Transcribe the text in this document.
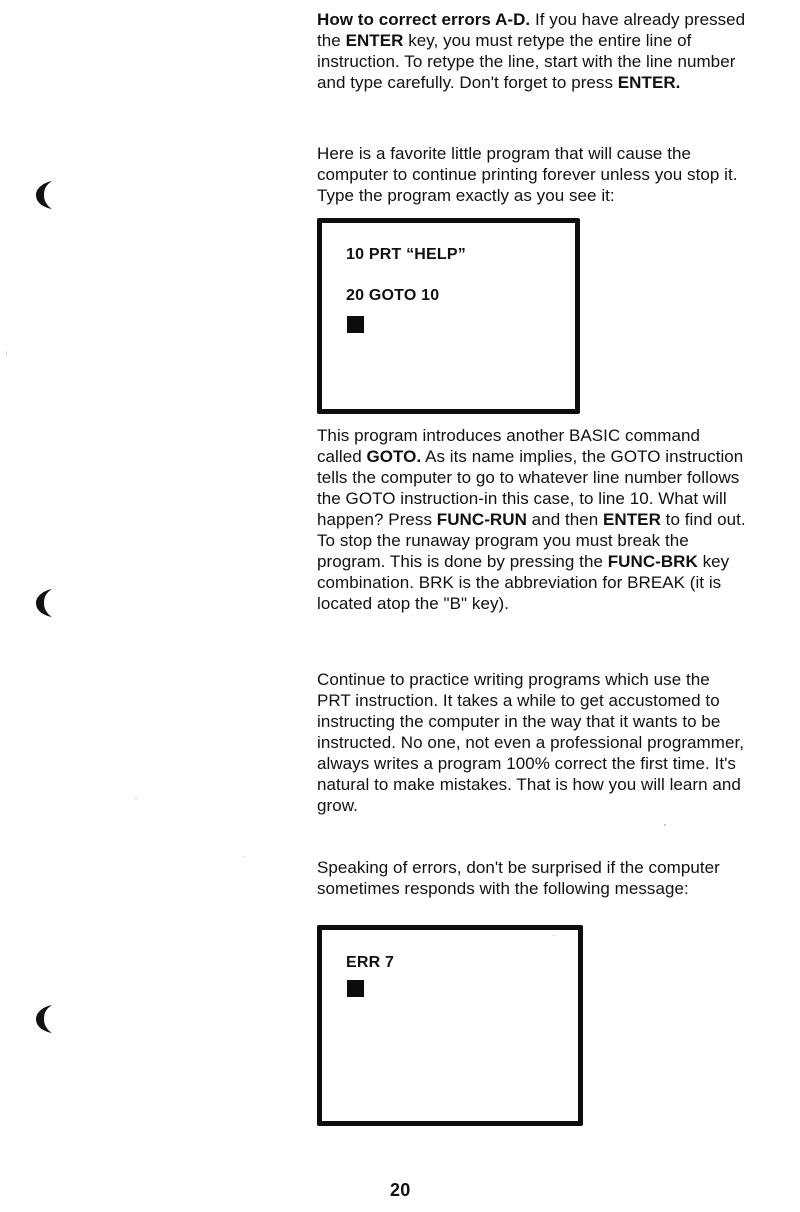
How to correct errors A-D. If you have already pressed the ENTER key, you must retype the entire line of instruction. To retype the line, start with the line number and type carefully. Don't forget to press ENTER.

Here is a favorite little program that will cause the computer to continue printing forever unless you stop it. Type the program exactly as you see it:

This program introduces another BASIC command called GOTO. As its name implies, the GOTO instruction tells the computer to go to whatever line number follows the GOTO instruction-in this case, to line 10. What will happen? Press FUNC-RUN and then ENTER to find out. To stop the runaway program you must break the program. This is done by pressing the FUNC-BRK key combination. BRK is the abbreviation for BREAK (it is located atop the "B" key).

Continue to practice writing programs which use the PRT instruction. It takes a while to get accustomed to instructing the computer in the way that it wants to be instructed. No one, not even a professional programmer, always writes a program 100% correct the first time. It's natural to make mistakes. That is how you will learn and grow.

Speaking of errors, don't be surprised if the computer sometimes responds with the following message:

10 PRT “HELP”
20 GOTO 10
ERR 7
20
